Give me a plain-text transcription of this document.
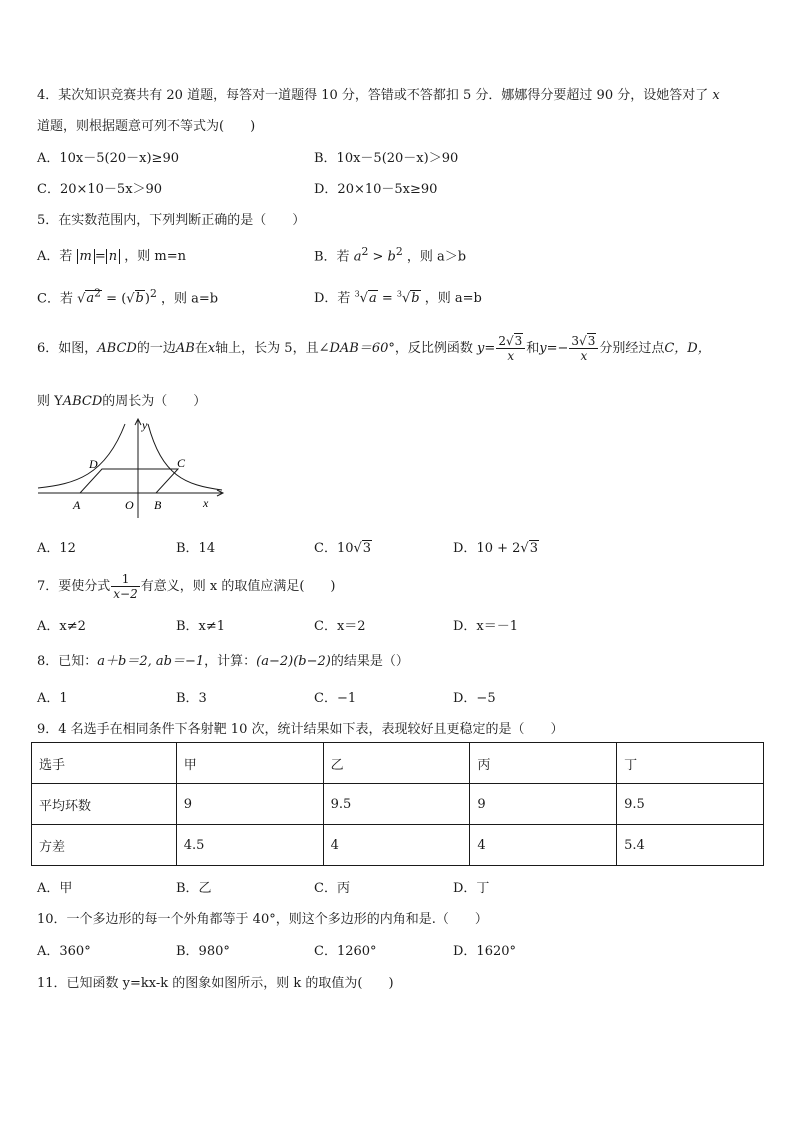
4．某次知识竞赛共有 20 道题，每答对一道题得 10 分，答错或不答都扣 5 分．娜娜得分要超过 90 分，设她答对了 x
道题，则根据题意可列不等式为(　　)
A．10x－5(20－x)≥90	B．10x－5(20－x)＞90
C．20×10－5x＞90	D．20×10－5x≥90
5．在实数范围内，下列判断正确的是（　　）
A．若 m = n ，则 m=n	B．若 $a^2 > b^2$ ，则 a＞b
C．若 $√a^2 = (√b)^2$ ，则 a=b	D．若 $^3$√a = $^3$√b ，则 a=b
6．如图，ABCD的一边AB在x轴上，长为 5，且∠DAB＝60°，反比例函数 $y= \frac{2√3}{x}$ 和$y=- \frac{3√3}{x}$ 分别经过点C，D，
则 YABCD的周长为（　　）
y
x
D	C
A	O B
A．12	B．14	C．10√3	D．10 + 2√3
7．要使分式 $\frac{1}{x-2}$ 有意义，则 x 的取值应满足(　　)
A．x≠2	B．x≠1	C．x＝2	D．x＝－1
8．已知：a＋b＝2, ab＝−1，计算：(a−2)(b−2)的结果是（）
A．1	B．3	C．−1	D．−5
9．4 名选手在相同条件下各射靶 10 次，统计结果如下表，表现较好且更稳定的是（　　）
选手	甲	乙	丙	丁
平均环数	9	9.5	9	9.5
方差	4.5	4	4	5.4
A．甲	B．乙	C．丙	D．丁
10．一个多边形的每一个外角都等于 40°，则这个多边形的内角和是.（　　）
A．360°	B．980°	C．1260°	D．1620°
11．已知函数 y=kx-k 的图象如图所示，则 k 的取值为(　　)
